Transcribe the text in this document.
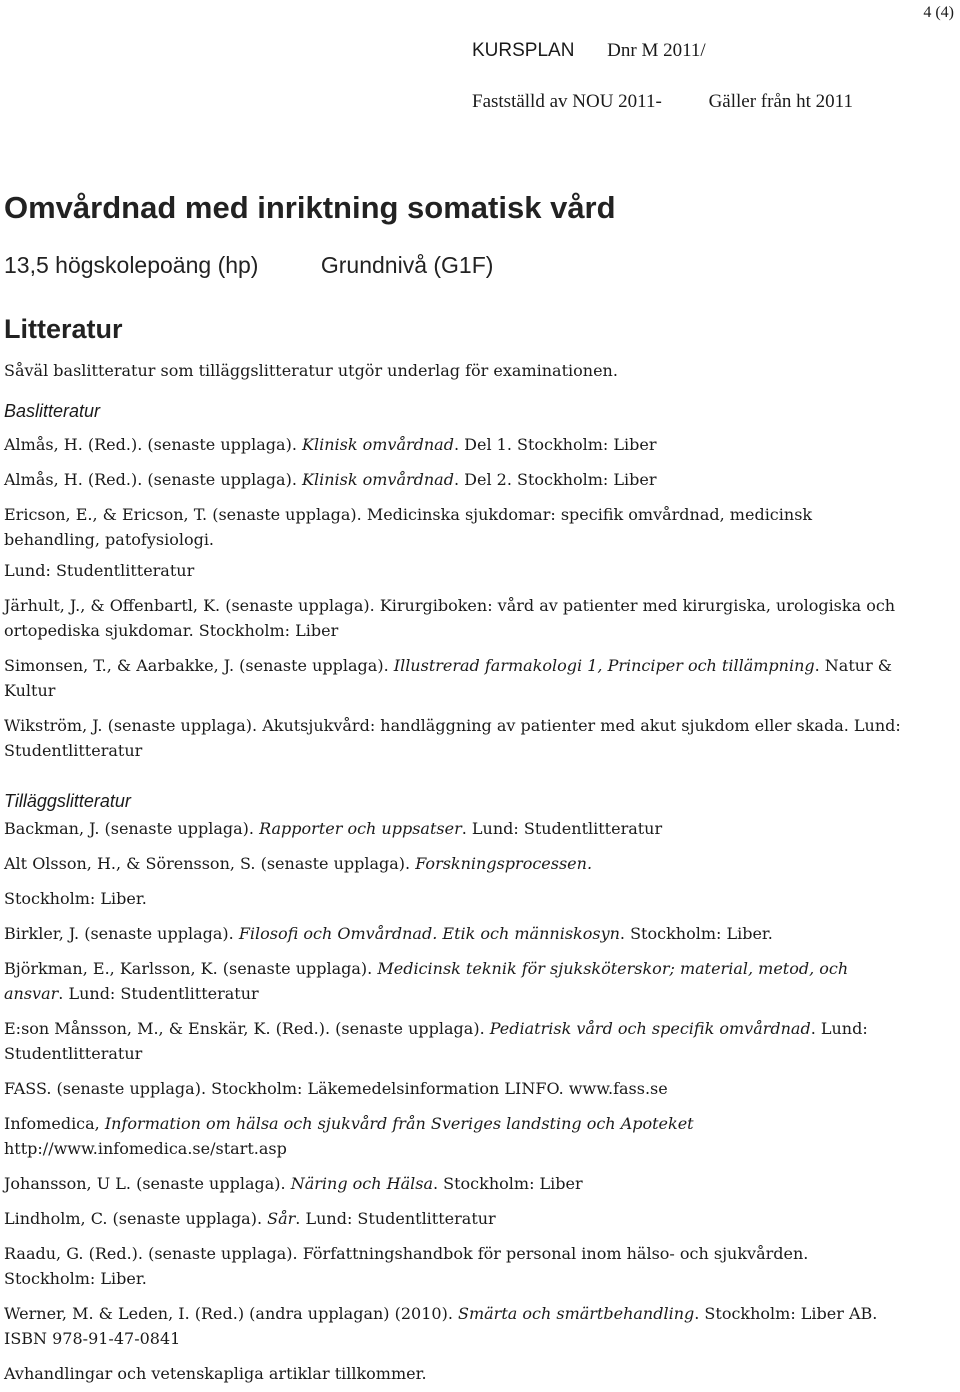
4 (4)
KURSPLAN Dnr M 2011/
Fastställd av NOU 2011- Gäller från ht 2011
Omvårdnad med inriktning somatisk vård
13,5 högskolepoäng (hp)	Grundnivå (G1F)
Litteratur

Såväl baslitteratur som tilläggslitteratur utgör underlag för examinationen.

Baslitteratur

Almås, H. (Red.). (senaste upplaga). Klinisk omvårdnad. Del 1. Stockholm: Liber

Almås, H. (Red.). (senaste upplaga). Klinisk omvårdnad. Del 2. Stockholm: Liber

Ericson, E., & Ericson, T. (senaste upplaga). Medicinska sjukdomar: specifik omvårdnad, medicinsk behandling, patofysiologi.

Lund: Studentlitteratur

Järhult, J., & Offenbartl, K. (senaste upplaga). Kirurgiboken: vård av patienter med kirurgiska, urologiska och ortopediska sjukdomar. Stockholm: Liber

Simonsen, T., & Aarbakke, J. (senaste upplaga). Illustrerad farmakologi 1, Principer och tillämpning. Natur & Kultur

Wikström, J. (senaste upplaga). Akutsjukvård: handläggning av patienter med akut sjukdom eller skada. Lund: Studentlitteratur

Tilläggslitteratur

Backman, J. (senaste upplaga). Rapporter och uppsatser. Lund: Studentlitteratur

Alt Olsson, H., & Sörensson, S. (senaste upplaga). Forskningsprocessen.

Stockholm: Liber.

Birkler, J. (senaste upplaga). Filosofi och Omvårdnad. Etik och människosyn. Stockholm: Liber.

Björkman, E., Karlsson, K. (senaste upplaga). Medicinsk teknik för sjuksköterskor; material, metod, och ansvar. Lund: Studentlitteratur

E:son Månsson, M., & Enskär, K. (Red.). (senaste upplaga). Pediatrisk vård och specifik omvårdnad. Lund: Studentlitteratur

FASS. (senaste upplaga). Stockholm: Läkemedelsinformation LINFO. www.fass.se

Infomedica, Information om hälsa och sjukvård från Sveriges landsting och Apoteket http://www.infomedica.se/start.asp

Johansson, U L. (senaste upplaga). Näring och Hälsa. Stockholm: Liber

Lindholm, C. (senaste upplaga). Sår. Lund: Studentlitteratur

Raadu, G. (Red.). (senaste upplaga). Författningshandbok för personal inom hälso- och sjukvården. Stockholm: Liber.

Werner, M. & Leden, I. (Red.) (andra upplagan) (2010). Smärta och smärtbehandling. Stockholm: Liber AB. ISBN 978-91-47-0841

Avhandlingar och vetenskapliga artiklar tillkommer.
